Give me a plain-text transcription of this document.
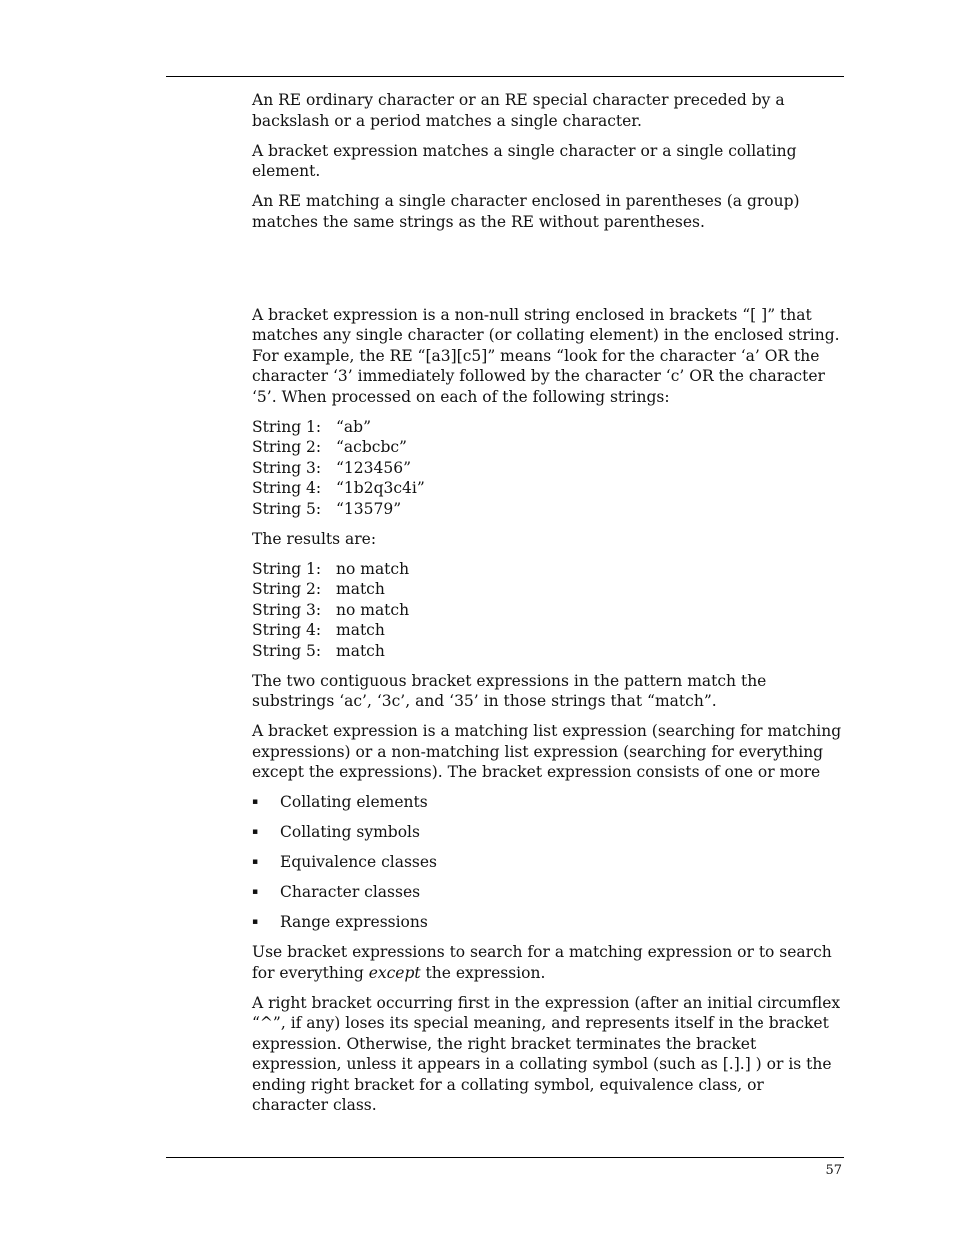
An RE ordinary character or an RE special character preceded by a backslash or a period matches a single character.

A bracket expression matches a single character or a single collating element.

An RE matching a single character enclosed in parentheses (a group) matches the same strings as the RE without parentheses.

A bracket expression is a non-null string enclosed in brackets “[ ]” that matches any single character (or collating element) in the enclosed string. For example, the RE “[a3][c5]” means “look for the character ‘a’ OR the character ‘3’ immediately followed by the character ‘c’ OR the character ‘5’. When processed on each of the following strings:

String 1: “ab”
String 2: “acbcbc”
String 3: “123456”
String 4: “1b2q3c4i”
String 5: “13579”

The results are:

String 1: no match
String 2: match
String 3: no match
String 4: match
String 5: match

The two contiguous bracket expressions in the pattern match the substrings ‘ac’, ‘3c’, and ‘35’ in those strings that “match”.

A bracket expression is a matching list expression (searching for matching expressions) or a non-matching list expression (searching for everything except the expressions). The bracket expression consists of one or more

▪	Collating elements
▪	Collating symbols
▪	Equivalence classes
▪	Character classes
▪	Range expressions

Use bracket expressions to search for a matching expression or to search for everything except the expression.

A right bracket occurring first in the expression (after an initial circumflex “^”, if any) loses its special meaning, and represents itself in the bracket expression. Otherwise, the right bracket terminates the bracket expression, unless it appears in a collating symbol (such as [.].] ) or is the ending right bracket for a collating symbol, equivalence class, or character class.

57
